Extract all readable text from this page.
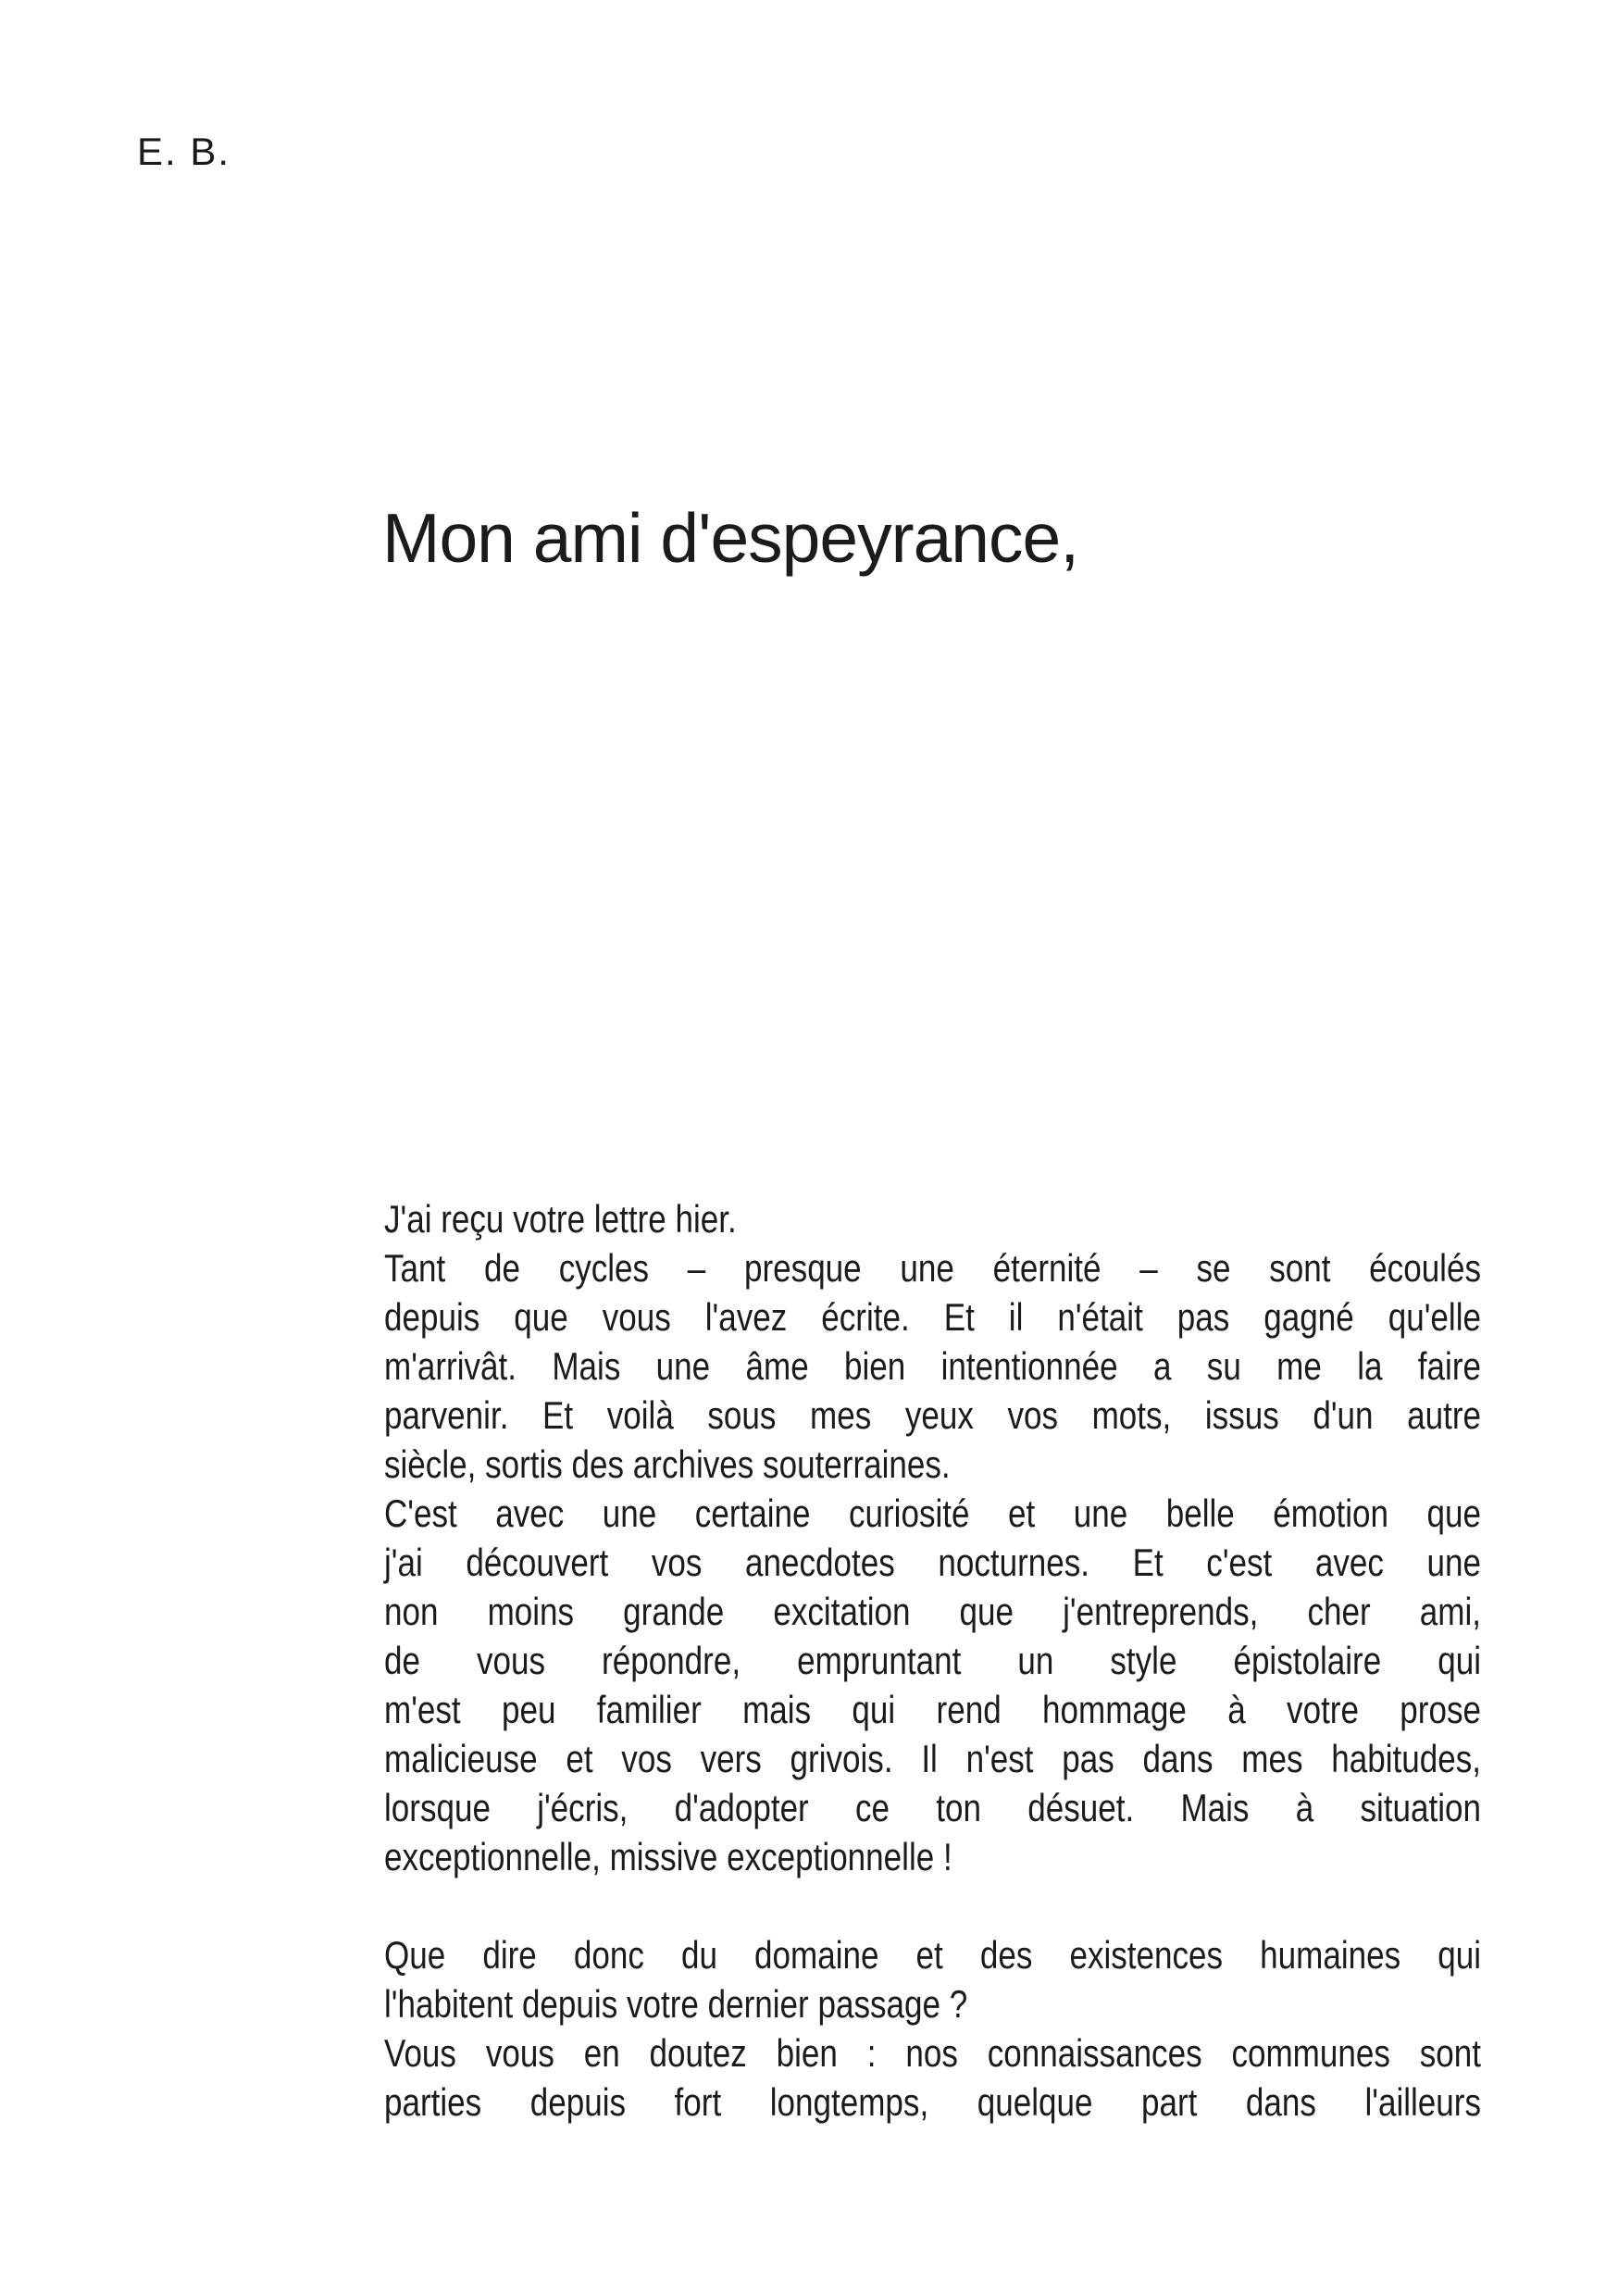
E. B.
Mon ami d'espeyrance,
J'ai reçu votre lettre hier.
Tant de cycles – presque une éternité – se sont écoulés
depuis que vous l'avez écrite. Et il n'était pas gagné qu'elle
m'arrivât. Mais une âme bien intentionnée a su me la faire
parvenir. Et voilà sous mes yeux vos mots, issus d'un autre
siècle, sortis des archives souterraines.
C'est avec une certaine curiosité et une belle émotion que
j'ai découvert vos anecdotes nocturnes. Et c'est avec une
non moins grande excitation que j'entreprends, cher ami,
de vous répondre, empruntant un style épistolaire qui
m'est peu familier mais qui rend hommage à votre prose
malicieuse et vos vers grivois. Il n'est pas dans mes habitudes,
lorsque j'écris, d'adopter ce ton désuet. Mais à situation
exceptionnelle, missive exceptionnelle !
Que dire donc du domaine et des existences humaines qui
l'habitent depuis votre dernier passage ?
Vous vous en doutez bien : nos connaissances communes sont
parties depuis fort longtemps, quelque part dans l'ailleurs
